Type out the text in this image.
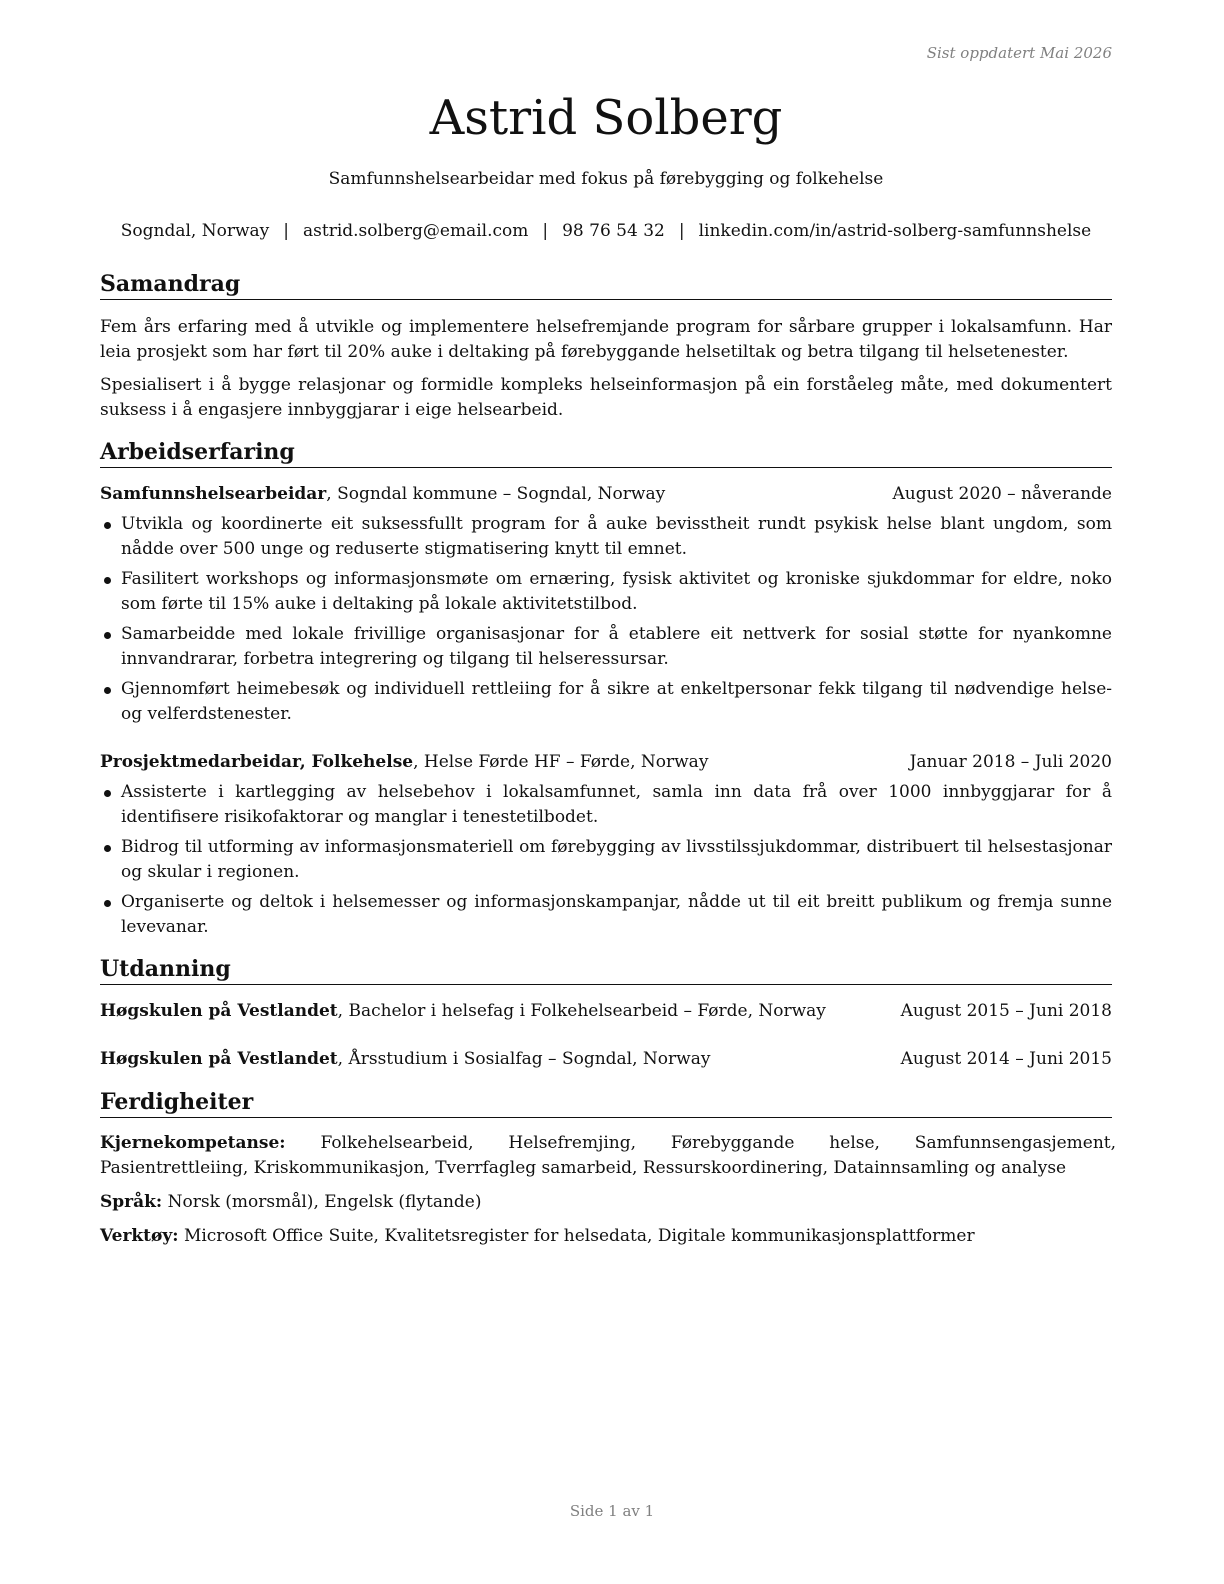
Sist oppdatert Mai 2026
Astrid Solberg
Samfunnshelsearbeidar med fokus på førebygging og folkehelse
Sogndal, Norway | astrid.solberg@email.com | 98 76 54 32 | linkedin.com/in/astrid-solberg-samfunnshelse
Samandrag
Fem års erfaring med å utvikle og implementere helsefremjande program for sårbare grupper i lokalsamfunn. Har leia prosjekt som har ført til 20% auke i deltaking på førebyggande helsetiltak og betra tilgang til helsetenester.
Spesialisert i å bygge relasjonar og formidle kompleks helseinformasjon på ein forståeleg måte, med dokumentert suksess i å engasjere innbyggjarar i eige helsearbeid.
Arbeidserfaring
Samfunnshelsearbeidar, Sogndal kommune – Sogndal, Norway	August 2020 – nåverande
Utvikla og koordinerte eit suksessfullt program for å auke bevisstheit rundt psykisk helse blant ungdom, som nådde over 500 unge og reduserte stigmatisering knytt til emnet.
Fasilitert workshops og informasjonsmøte om ernæring, fysisk aktivitet og kroniske sjukdommar for eldre, noko som førte til 15% auke i deltaking på lokale aktivitetstilbod.
Samarbeidde med lokale frivillige organisasjonar for å etablere eit nettverk for sosial støtte for nyankomne innvandrarar, forbetra integrering og tilgang til helseressursar.
Gjennomført heimebesøk og individuell rettleiing for å sikre at enkeltpersonar fekk tilgang til nødvendige helse- og velferdstenester.
Prosjektmedarbeidar, Folkehelse, Helse Førde HF – Førde, Norway	Januar 2018 – Juli 2020
Assisterte i kartlegging av helsebehov i lokalsamfunnet, samla inn data frå over 1000 innbyggjarar for å identifisere risikofaktorar og manglar i tenestetilbodet.
Bidrog til utforming av informasjonsmateriell om førebygging av livsstilssjukdommar, distribuert til helsestasjonar og skular i regionen.
Organiserte og deltok i helsemesser og informasjonskampanjar, nådde ut til eit breitt publikum og fremja sunne levevanar.
Utdanning
Høgskulen på Vestlandet, Bachelor i helsefag i Folkehelsearbeid – Førde, Norway	August 2015 – Juni 2018
Høgskulen på Vestlandet, Årsstudium i Sosialfag – Sogndal, Norway	August 2014 – Juni 2015
Ferdigheiter
Kjernekompetanse: Folkehelsearbeid, Helsefremjing, Førebyggande helse, Samfunnsengasjement, Pasientrettleiing, Kriskommunikasjon, Tverrfagleg samarbeid, Ressurskoordinering, Datainnsamling og analyse
Språk: Norsk (morsmål), Engelsk (flytande)
Verktøy: Microsoft Office Suite, Kvalitetsregister for helsedata, Digitale kommunikasjonsplattformer
Side 1 av 1
